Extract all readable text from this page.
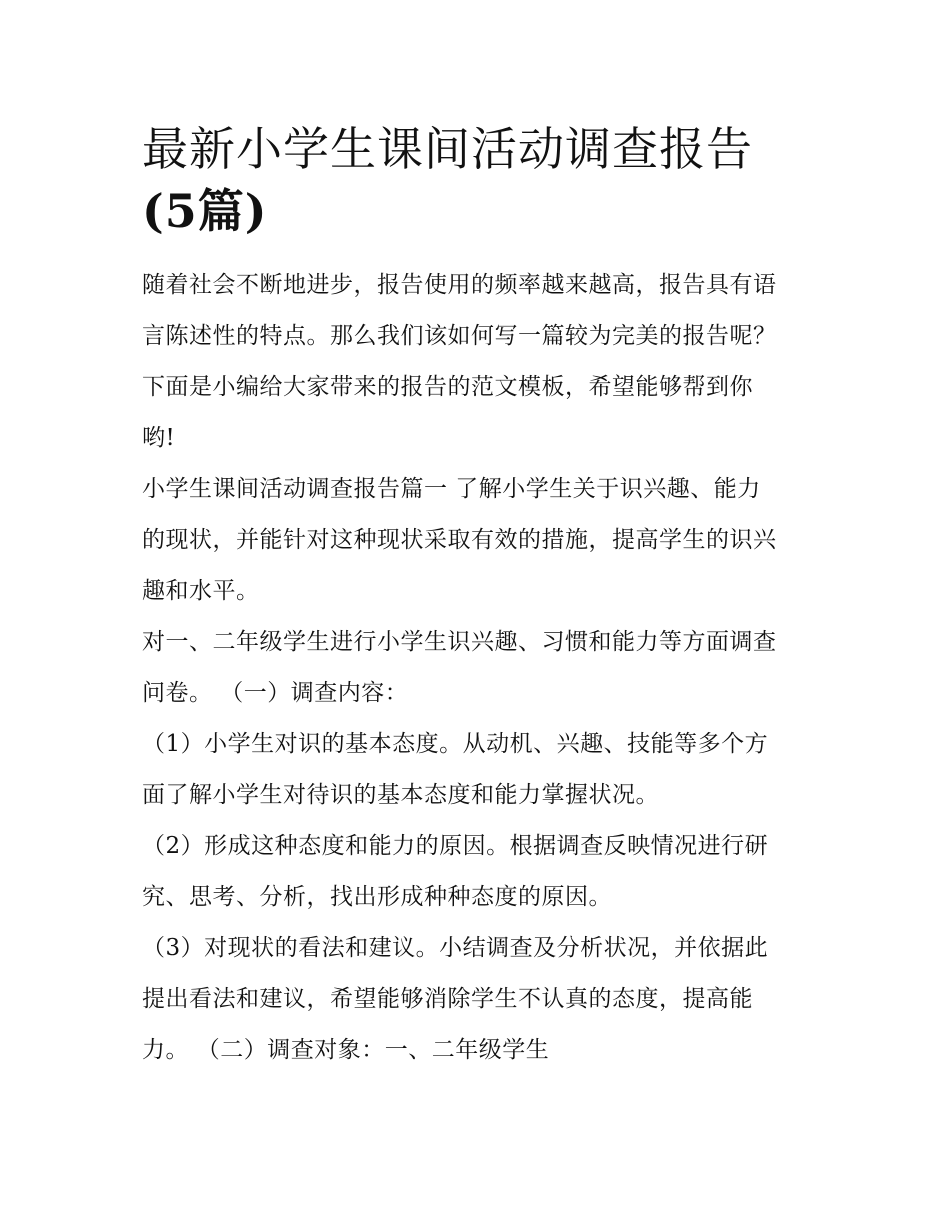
最新小学生课间活动调查报告
(5篇)

随着社会不断地进步，报告使用的频率越来越高，报告具有语
言陈述性的特点。那么我们该如何写一篇较为完美的报告呢？
下面是小编给大家带来的报告的范文模板，希望能够帮到你
哟!

小学生课间活动调查报告篇一 了解小学生关于识兴趣、能力
的现状，并能针对这种现状采取有效的措施，提高学生的识兴
趣和水平。

对一、二年级学生进行小学生识兴趣、习惯和能力等方面调查
问卷。 （一）调查内容：

（1）小学生对识的基本态度。从动机、兴趣、技能等多个方
面了解小学生对待识的基本态度和能力掌握状况。

（2）形成这种态度和能力的原因。根据调查反映情况进行研
究、思考、分析，找出形成种种态度的原因。

（3）对现状的看法和建议。小结调查及分析状况，并依据此
提出看法和建议，希望能够消除学生不认真的态度，提高能
力。 （二）调查对象：一、二年级学生
